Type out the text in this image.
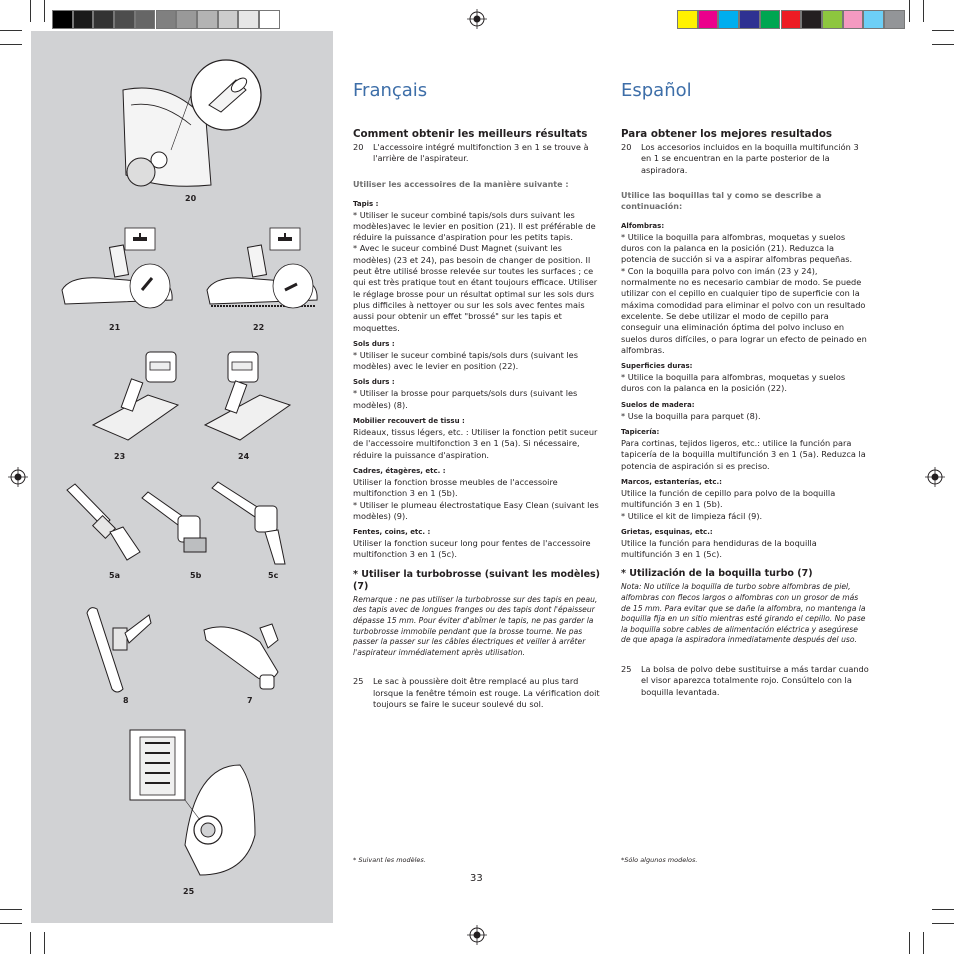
20
21	22
23	24
5a	5b	5c
8	7
25
Français
Comment obtenir les meilleurs résultats
20	L'accessoire intégré multifonction 3 en 1 se trouve à l'arrière de l'aspirateur.
Utiliser les accessoires de la manière suivante :
Tapis :

* Utiliser le suceur combiné tapis/sols durs suivant les modèles)avec le levier en position (21). Il est préférable de réduire la puissance d'aspiration pour les petits tapis.
* Avec le suceur combiné Dust Magnet (suivant les modèles) (23 et 24), pas besoin de changer de position. Il peut être utilisé brosse relevée sur toutes les surfaces ; ce qui est très pratique tout en étant toujours efficace. Utiliser le réglage brosse pour un résultat optimal sur les sols durs plus difficiles à nettoyer ou sur les sols avec fentes mais aussi pour obtenir un effet "brossé" sur les tapis et moquettes.

Sols durs :

* Utiliser le suceur combiné tapis/sols durs (suivant les modèles) avec le levier en position (22).

Sols durs :

* Utiliser la brosse pour parquets/sols durs (suivant les modèles) (8).

Mobilier recouvert de tissu :

Rideaux, tissus légers, etc. : Utiliser la fonction petit suceur de l'accessoire multifonction 3 en 1 (5a). Si nécessaire, réduire la puissance d'aspiration.

Cadres, étagères, etc. :

Utiliser la fonction brosse meubles de l'accessoire multifonction 3 en 1 (5b).
* Utiliser le plumeau électrostatique Easy Clean (suivant les modèles) (9).

Fentes, coins, etc. :

Utiliser la fonction suceur long pour fentes de l'accessoire multifonction 3 en 1 (5c).

* Utiliser la turbobrosse (suivant les modèles) (7)

Remarque : ne pas utiliser la turbobrosse sur des tapis en peau, des tapis avec de longues franges ou des tapis dont l'épaisseur dépasse 15 mm. Pour éviter d'abîmer le tapis, ne pas garder la turbobrosse immobile pendant que la brosse tourne. Ne pas passer la passer sur les câbles électriques et veiller à arrêter l'aspirateur immédiatement après utilisation.

25	Le sac à poussière doit être remplacé au plus tard lorsque la fenêtre témoin est rouge. La vérification doit toujours se faire le suceur soulevé du sol.
Español
Para obtener los mejores resultados
20	Los accesorios incluidos en la boquilla multifunción 3 en 1 se encuentran en la parte posterior de la aspiradora.
Utilice las boquillas tal y como se describe a continuación:
Alfombras:

* Utilice la boquilla para alfombras, moquetas y suelos duros con la palanca en la posición (21). Reduzca la potencia de succión si va a aspirar alfombras pequeñas.
* Con la boquilla para polvo con imán (23 y 24), normalmente no es necesario cambiar de modo. Se puede utilizar con el cepillo en cualquier tipo de superficie con la máxima comodidad para eliminar el polvo con un resultado excelente. Se debe utilizar el modo de cepillo para conseguir una eliminación óptima del polvo incluso en suelos duros difíciles, o para lograr un efecto de peinado en alfombras.

Superficies duras:

* Utilice la boquilla para alfombras, moquetas y suelos duros con la palanca en la posición (22).

Suelos de madera:

* Use la boquilla para parquet (8).

Tapicería:

Para cortinas, tejidos ligeros, etc.: utilice la función para tapicería de la boquilla multifunción 3 en 1 (5a). Reduzca la potencia de aspiración si es preciso.

Marcos, estanterías, etc.:

Utilice la función de cepillo para polvo de la boquilla multifunción 3 en 1 (5b).
* Utilice el kit de limpieza fácil (9).

Grietas, esquinas, etc.:

Utilice la función para hendiduras de la boquilla multifunción 3 en 1 (5c).

* Utilización de la boquilla turbo (7)

Nota: No utilice la boquilla de turbo sobre alfombras de piel, alfombras con flecos largos o alfombras con un grosor de más de 15 mm. Para evitar que se dañe la alfombra, no mantenga la boquilla fija en un sitio mientras esté girando el cepillo. No pase la boquilla sobre cables de alimentación eléctrica y asegúrese de que apaga la aspiradora inmediatamente después del uso.

25	La bolsa de polvo debe sustituirse a más tardar cuando el visor aparezca totalmente rojo. Consúltelo con la boquilla levantada.
* Suivant les modèles.	*Sólo algunos modelos.
33
